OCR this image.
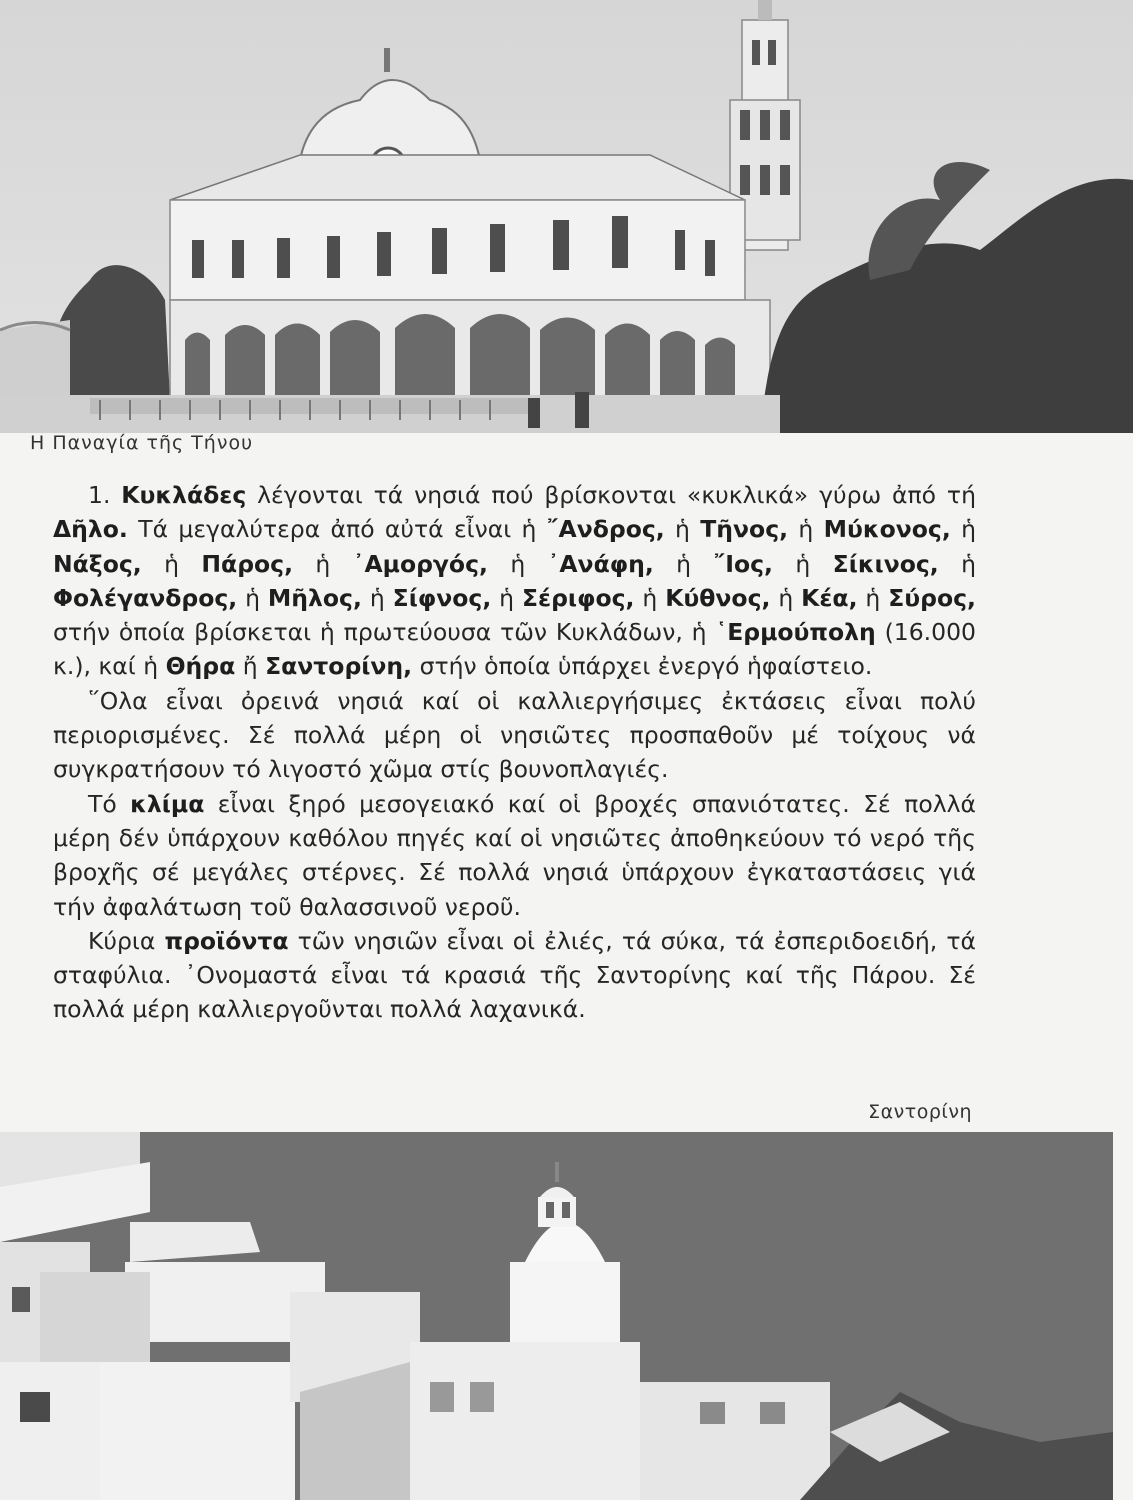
Η Παναγία τῆς Τήνου

1. Κυκλάδες λέγονται τά νησιά πού βρίσκονται «κυκλικά» γύρω ἀπό τή Δῆλο. Τά μεγαλύτερα ἀπό αὐτά εἶναι ἡ ῎Ανδρος, ἡ Τῆνος, ἡ Μύκονος, ἡ Νάξος, ἡ Πάρος, ἡ ᾿Αμοργός, ἡ ᾿Ανάφη, ἡ ῎Ιος, ἡ Σίκινος, ἡ Φολέγανδρος, ἡ Μῆλος, ἡ Σίφνος, ἡ Σέριφος, ἡ Κύθνος, ἡ Κέα, ἡ Σύρος, στήν ὁποία βρίσκεται ἡ πρωτεύουσα τῶν Κυκλάδων, ἡ ῾Ερμούπολη (16.000 κ.), καί ἡ Θήρα ἤ Σαντορίνη, στήν ὁποία ὑπάρχει ἐνεργό ἡφαίστειο.

῞Ολα εἶναι ὀρεινά νησιά καί οἱ καλλιεργήσιμες ἐκτάσεις εἶναι πολύ περιορισμένες. Σέ πολλά μέρη οἱ νησιῶτες προσπαθοῦν μέ τοίχους νά συγκρατήσουν τό λιγοστό χῶμα στίς βουνοπλαγιές.

Τό κλίμα εἶναι ξηρό μεσογειακό καί οἱ βροχές σπανιότατες. Σέ πολλά μέρη δέν ὑπάρχουν καθόλου πηγές καί οἱ νησιῶτες ἀποθηκεύουν τό νερό τῆς βροχῆς σέ μεγάλες στέρνες. Σέ πολλά νησιά ὑπάρχουν ἐγκαταστάσεις γιά τήν ἀφαλάτωση τοῦ θαλασσινοῦ νεροῦ.

Κύρια προϊόντα τῶν νησιῶν εἶναι οἱ ἐλιές, τά σύκα, τά ἐσπεριδοειδή, τά σταφύλια. ᾿Ονομαστά εἶναι τά κρασιά τῆς Σαντορίνης καί τῆς Πάρου. Σέ πολλά μέρη καλλιεργοῦνται πολλά λαχανικά.

Σαντορίνη
